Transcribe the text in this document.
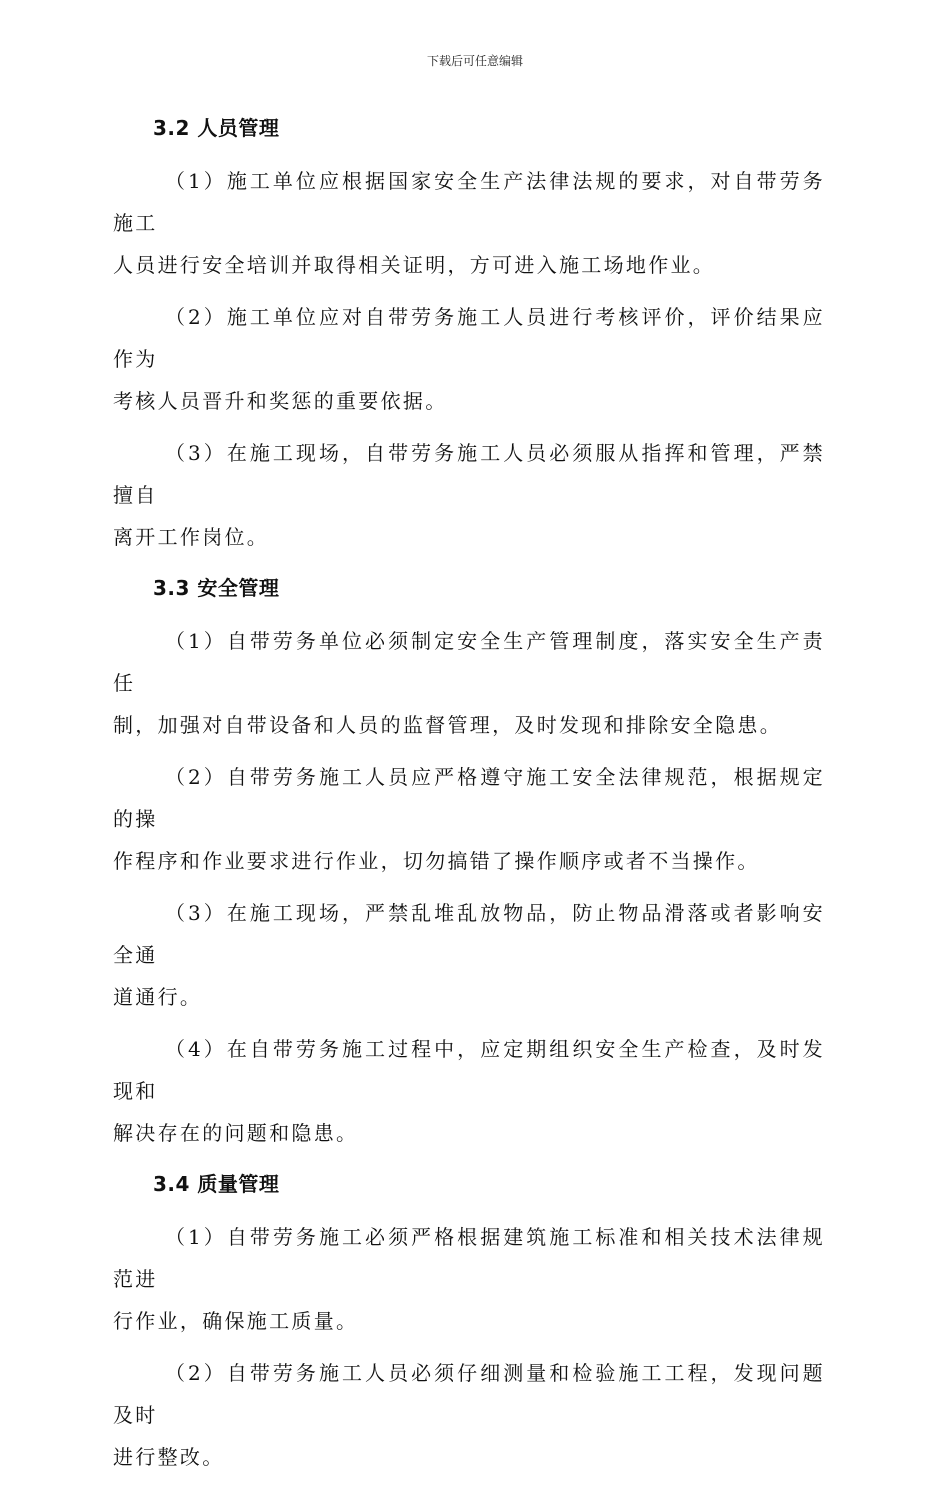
下载后可任意编辑
3.2 人员管理

（1）施工单位应根据国家安全生产法律法规的要求，对自带劳务施工
人员进行安全培训并取得相关证明，方可进入施工场地作业。

（2）施工单位应对自带劳务施工人员进行考核评价，评价结果应作为
考核人员晋升和奖惩的重要依据。

（3）在施工现场，自带劳务施工人员必须服从指挥和管理，严禁擅自
离开工作岗位。

3.3 安全管理

（1）自带劳务单位必须制定安全生产管理制度，落实安全生产责任
制，加强对自带设备和人员的监督管理，及时发现和排除安全隐患。

（2）自带劳务施工人员应严格遵守施工安全法律规范，根据规定的操
作程序和作业要求进行作业，切勿搞错了操作顺序或者不当操作。

（3）在施工现场，严禁乱堆乱放物品，防止物品滑落或者影响安全通
道通行。

（4）在自带劳务施工过程中，应定期组织安全生产检查，及时发现和
解决存在的问题和隐患。

3.4 质量管理

（1）自带劳务施工必须严格根据建筑施工标准和相关技术法律规范进
行作业，确保施工质量。

（2）自带劳务施工人员必须仔细测量和检验施工工程，发现问题及时
进行整改。
